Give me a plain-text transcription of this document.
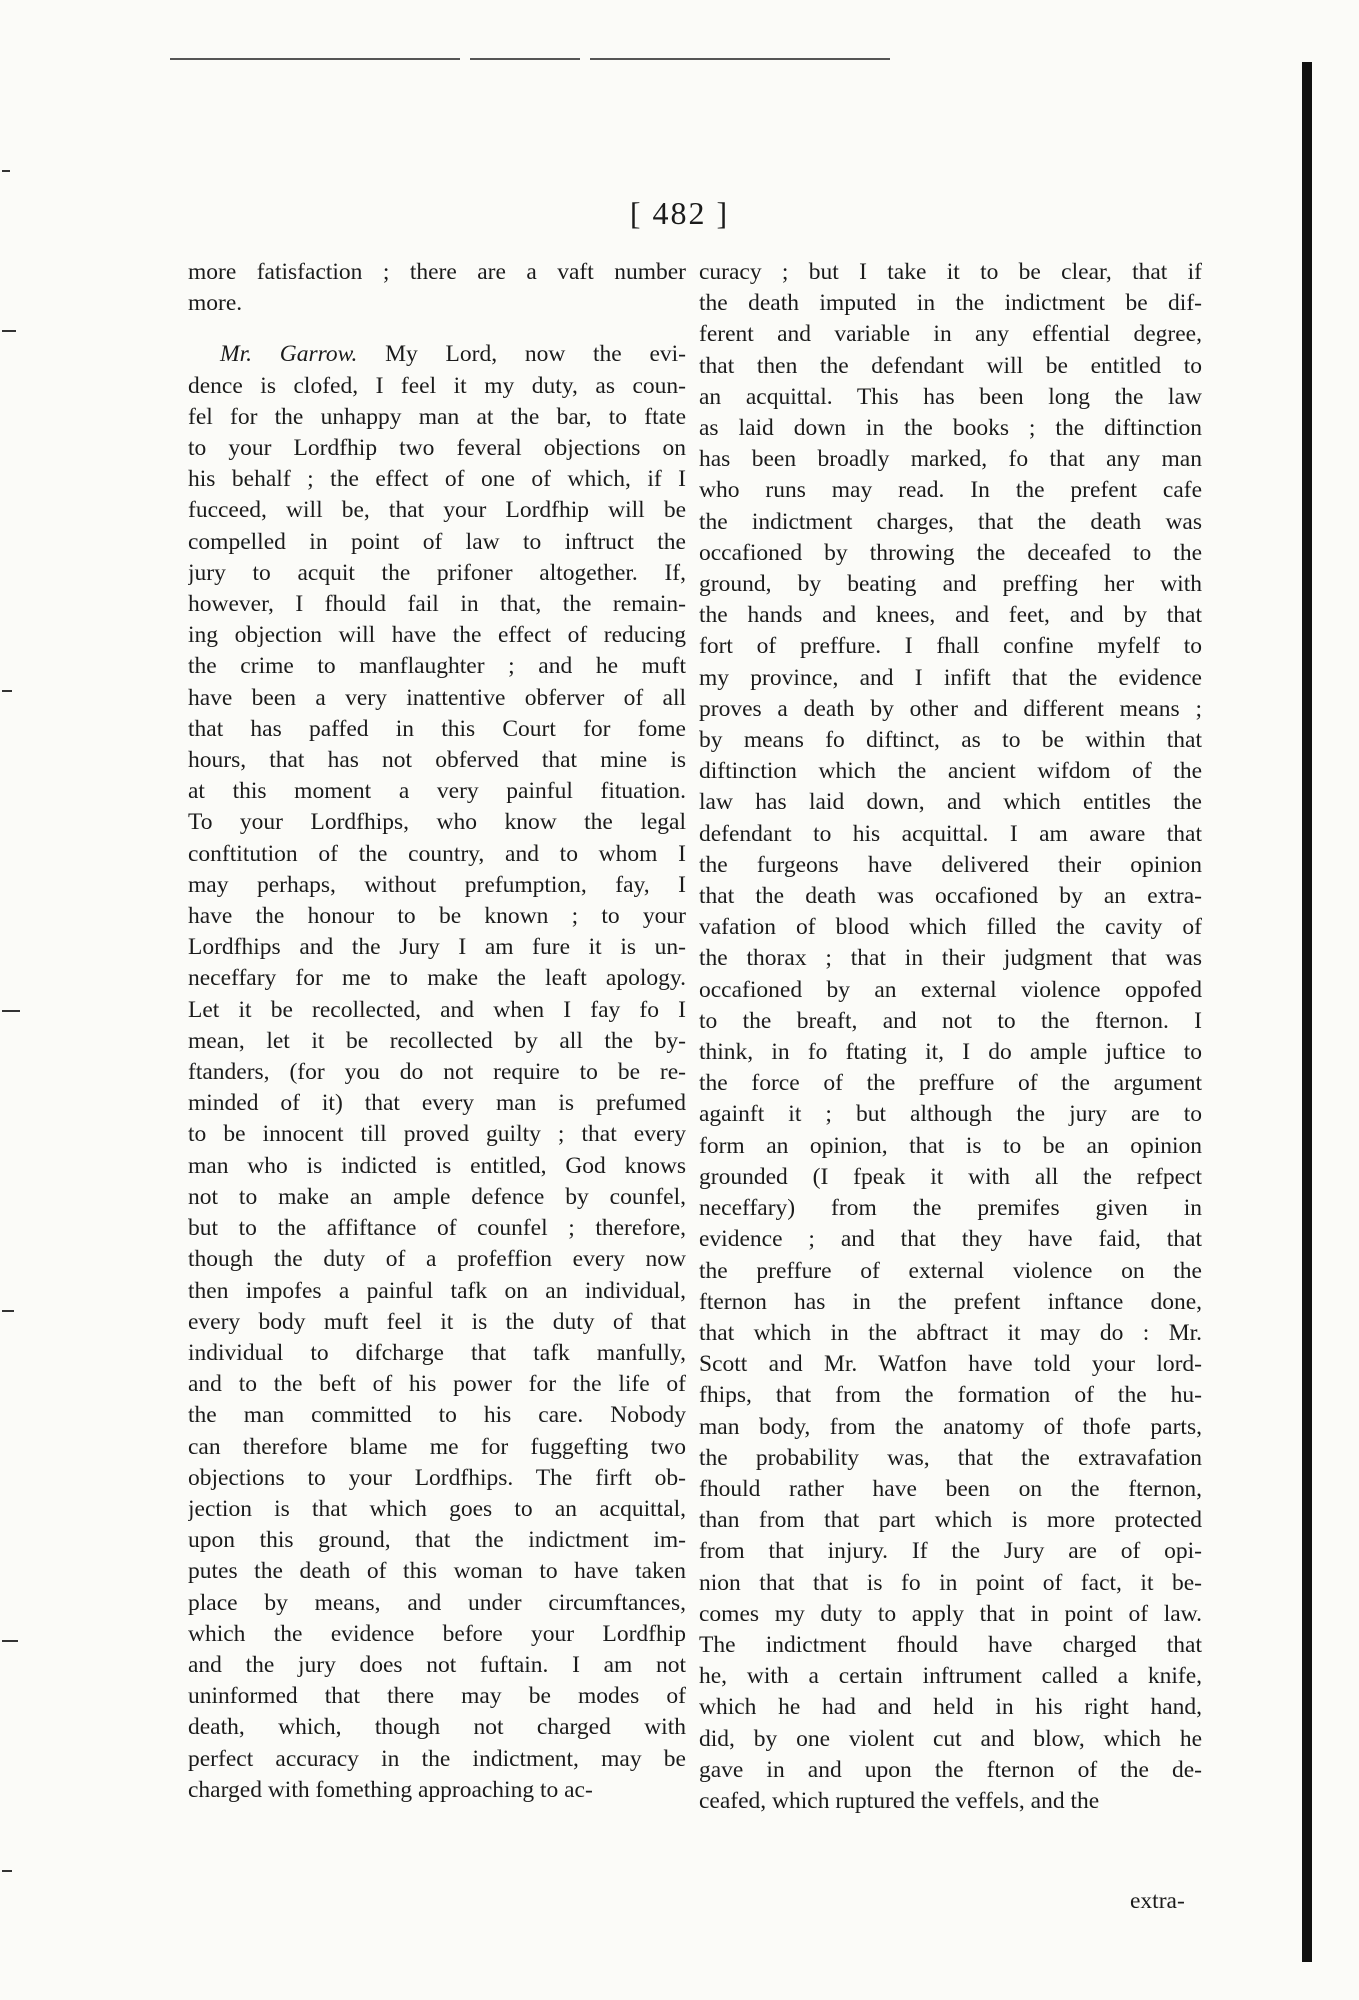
[ 482 ]
more fatisfaction ; there are a vaft number
more.
Mr. Garrow. My Lord, now the evi-
dence is clofed, I feel it my duty, as coun-
fel for the unhappy man at the bar, to ftate
to your Lordfhip two feveral objections on
his behalf ; the effect of one of which, if I
fucceed, will be, that your Lordfhip will be
compelled in point of law to inftruct the
jury to acquit the prifoner altogether. If,
however, I fhould fail in that, the remain-
ing objection will have the effect of reducing
the crime to manflaughter ; and he muft
have been a very inattentive obferver of all
that has paffed in this Court for fome
hours, that has not obferved that mine is
at this moment a very painful fituation.
To your Lordfhips, who know the legal
conftitution of the country, and to whom I
may perhaps, without prefumption, fay, I
have the honour to be known ; to your
Lordfhips and the Jury I am fure it is un-
neceffary for me to make the leaft apology.
Let it be recollected, and when I fay fo I
mean, let it be recollected by all the by-
ftanders, (for you do not require to be re-
minded of it) that every man is prefumed
to be innocent till proved guilty ; that every
man who is indicted is entitled, God knows
not to make an ample defence by counfel,
but to the affiftance of counfel ; therefore,
though the duty of a profeffion every now
then impofes a painful tafk on an individual,
every body muft feel it is the duty of that
individual to difcharge that tafk manfully,
and to the beft of his power for the life of
the man committed to his care. Nobody
can therefore blame me for fuggefting two
objections to your Lordfhips. The firft ob-
jection is that which goes to an acquittal,
upon this ground, that the indictment im-
putes the death of this woman to have taken
place by means, and under circumftances,
which the evidence before your Lordfhip
and the jury does not fuftain. I am not
uninformed that there may be modes of
death, which, though not charged with
perfect accuracy in the indictment, may be
charged with fomething approaching to ac-
curacy ; but I take it to be clear, that if
the death imputed in the indictment be dif-
ferent and variable in any effential degree,
that then the defendant will be entitled to
an acquittal. This has been long the law
as laid down in the books ; the diftinction
has been broadly marked, fo that any man
who runs may read. In the prefent cafe
the indictment charges, that the death was
occafioned by throwing the deceafed to the
ground, by beating and preffing her with
the hands and knees, and feet, and by that
fort of preffure. I fhall confine myfelf to
my province, and I infift that the evidence
proves a death by other and different means ;
by means fo diftinct, as to be within that
diftinction which the ancient wifdom of the
law has laid down, and which entitles the
defendant to his acquittal. I am aware that
the furgeons have delivered their opinion
that the death was occafioned by an extra-
vafation of blood which filled the cavity of
the thorax ; that in their judgment that was
occafioned by an external violence oppofed
to the breaft, and not to the fternon. I
think, in fo ftating it, I do ample juftice to
the force of the preffure of the argument
againft it ; but although the jury are to
form an opinion, that is to be an opinion
grounded (I fpeak it with all the refpect
neceffary) from the premifes given in
evidence ; and that they have faid, that
the preffure of external violence on the
fternon has in the prefent inftance done,
that which in the abftract it may do : Mr.
Scott and Mr. Watfon have told your lord-
fhips, that from the formation of the hu-
man body, from the anatomy of thofe parts,
the probability was, that the extravafation
fhould rather have been on the fternon,
than from that part which is more protected
from that injury. If the Jury are of opi-
nion that that is fo in point of fact, it be-
comes my duty to apply that in point of law.
The indictment fhould have charged that
he, with a certain inftrument called a knife,
which he had and held in his right hand,
did, by one violent cut and blow, which he
gave in and upon the fternon of the de-
ceafed, which ruptured the veffels, and the
extra-
